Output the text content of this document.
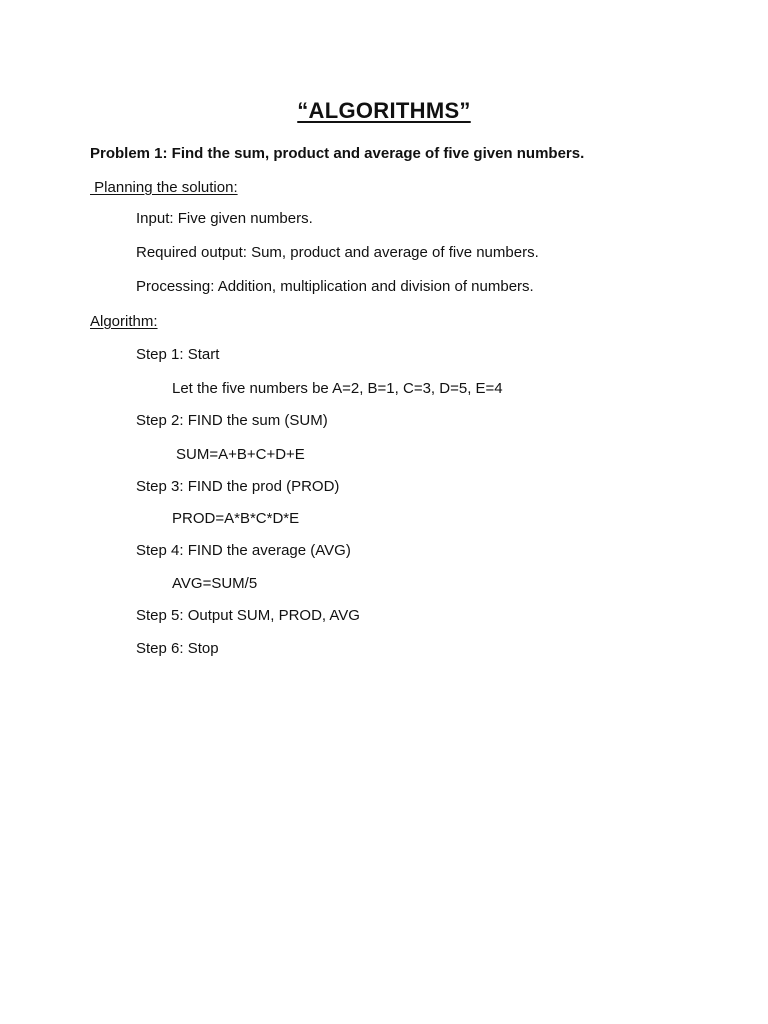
“ALGORITHMS”
Problem 1: Find the sum, product and average of five given numbers.
Planning the solution:
Input: Five given numbers.
Required output: Sum, product and average of five numbers.
Processing: Addition, multiplication and division of numbers.
Algorithm:
Step 1: Start
Let the five numbers be A=2, B=1, C=3, D=5, E=4
Step 2: FIND the sum (SUM)
SUM=A+B+C+D+E
Step 3: FIND the prod (PROD)
PROD=A*B*C*D*E
Step 4: FIND the average (AVG)
AVG=SUM/5
Step 5: Output SUM, PROD, AVG
Step 6: Stop
